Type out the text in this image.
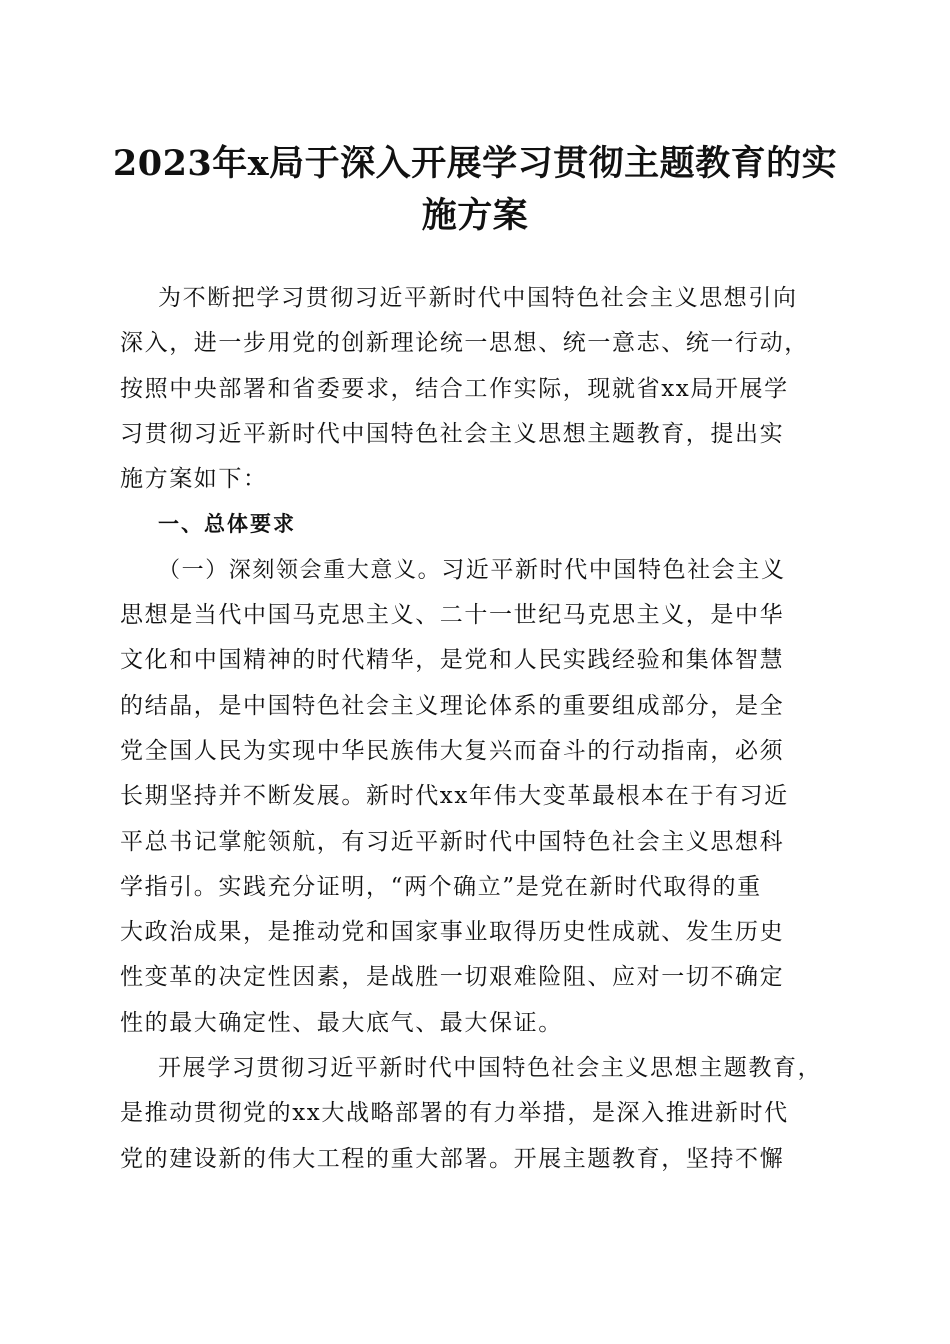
2023年x局于深入开展学习贯彻主题教育的实
施方案
为不断把学习贯彻习近平新时代中国特色社会主义思想引向
深入，进一步用党的创新理论统一思想、统一意志、统一行动，
按照中央部署和省委要求，结合工作实际，现就省xx局开展学
习贯彻习近平新时代中国特色社会主义思想主题教育，提出实
施方案如下：
一、总体要求
（一）深刻领会重大意义。习近平新时代中国特色社会主义
思想是当代中国马克思主义、二十一世纪马克思主义，是中华
文化和中国精神的时代精华，是党和人民实践经验和集体智慧
的结晶，是中国特色社会主义理论体系的重要组成部分，是全
党全国人民为实现中华民族伟大复兴而奋斗的行动指南，必须
长期坚持并不断发展。新时代xx年伟大变革最根本在于有习近
平总书记掌舵领航，有习近平新时代中国特色社会主义思想科
学指引。实践充分证明，“两个确立”是党在新时代取得的重
大政治成果，是推动党和国家事业取得历史性成就、发生历史
性变革的决定性因素，是战胜一切艰难险阻、应对一切不确定
性的最大确定性、最大底气、最大保证。
开展学习贯彻习近平新时代中国特色社会主义思想主题教育，
是推动贯彻党的xx大战略部署的有力举措，是深入推进新时代
党的建设新的伟大工程的重大部署。开展主题教育，坚持不懈
